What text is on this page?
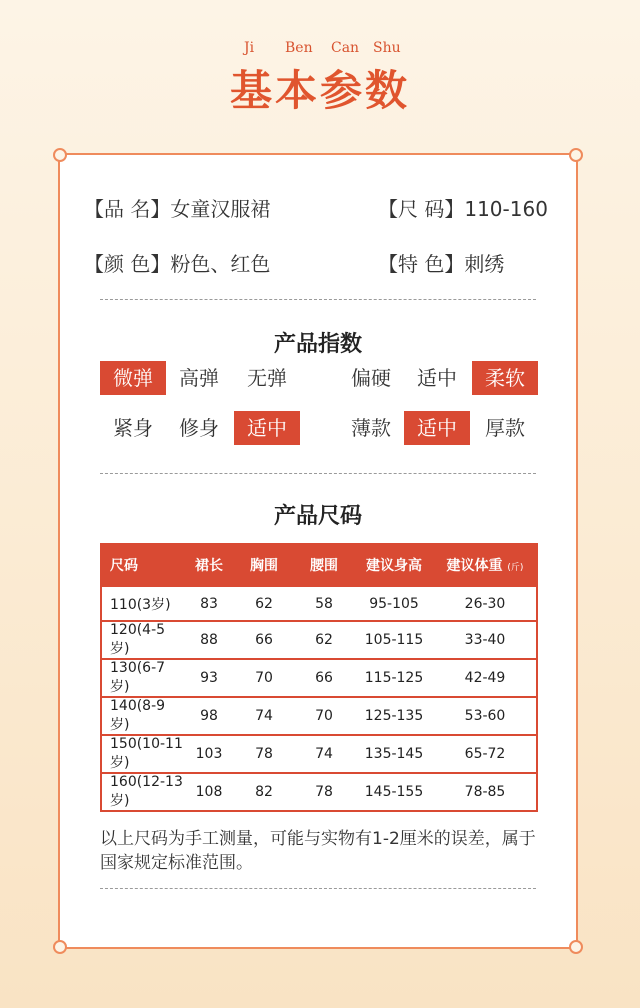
Ji Ben Can Shu
基本参数
【品 名】女童汉服裙	【尺 码】110-160
【颜 色】粉色、红色	【特 色】刺绣
产品指数
微弹	高弹	无弹	偏硬	适中	柔软
紧身	修身	适中	薄款	适中	厚款
产品尺码
尺码	裙长	胸围	腰围	建议身高	建议体重 (斤)
110(3岁)	83	62	58	95-105	26-30
120(4-5岁)	88	66	62	105-115	33-40
130(6-7岁)	93	70	66	115-125	42-49
140(8-9岁)	98	74	70	125-135	53-60
150(10-11岁)	103	78	74	135-145	65-72
160(12-13岁)	108	82	78	145-155	78-85
以上尺码为手工测量，可能与实物有1-2厘米的误差，属于国家规定标准范围。
